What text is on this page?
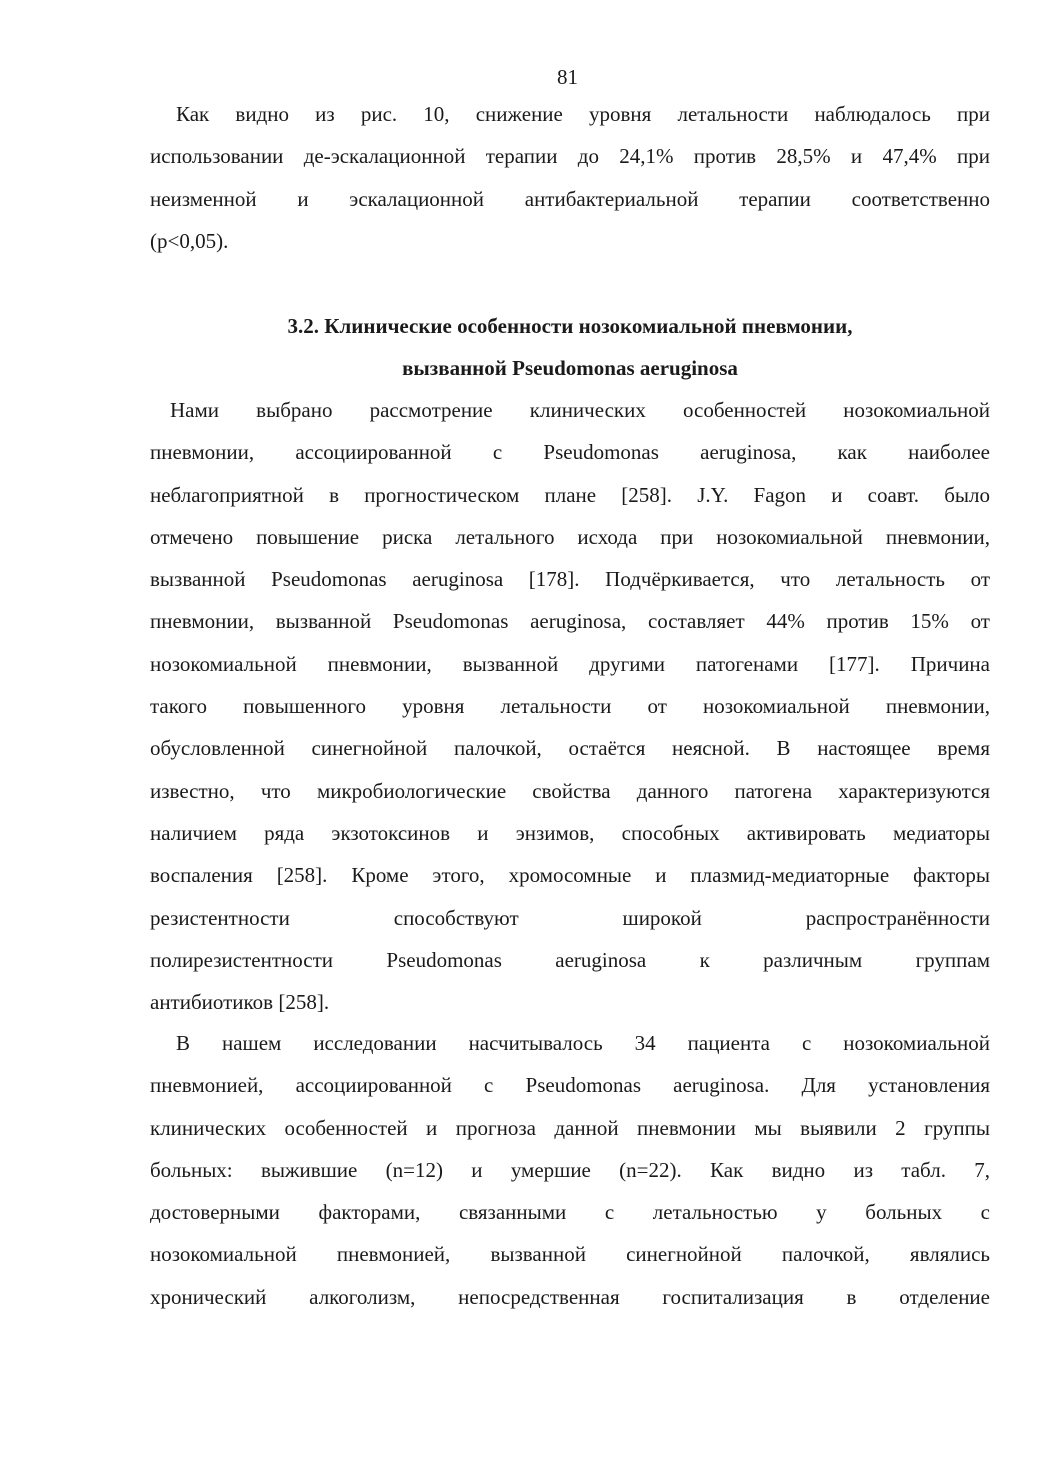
81
Как видно из рис. 10, снижение уровня летальности наблюдалось при
использовании де-эскалационной терапии до 24,1% против 28,5% и 47,4% при
неизменной и эскалационной антибактериальной терапии соответственно
(p<0,05).
3.2. Клинические особенности нозокомиальной пневмонии,
вызванной Pseudomonas aeruginosa
Нами выбрано рассмотрение клинических особенностей нозокомиальной
пневмонии, ассоциированной с Pseudomonas aeruginosa, как наиболее
неблагоприятной в прогностическом плане [258]. J.Y. Fagon и соавт. было
отмечено повышение риска летального исхода при нозокомиальной пневмонии,
вызванной Pseudomonas aeruginosa [178]. Подчёркивается, что летальность от
пневмонии, вызванной Pseudomonas aeruginosa, составляет 44% против 15% от
нозокомиальной пневмонии, вызванной другими патогенами [177]. Причина
такого повышенного уровня летальности от нозокомиальной пневмонии,
обусловленной синегнойной палочкой, остаётся неясной. В настоящее время
известно, что микробиологические свойства данного патогена характеризуются
наличием ряда экзотоксинов и энзимов, способных активировать медиаторы
воспаления [258]. Кроме этого, хромосомные и плазмид-медиаторные факторы
резистентности способствуют широкой распространённости
полирезистентности Pseudomonas aeruginosa к различным группам
антибиотиков [258].
В нашем исследовании насчитывалось 34 пациента с нозокомиальной
пневмонией, ассоциированной с Pseudomonas aeruginosa. Для установления
клинических особенностей и прогноза данной пневмонии мы выявили 2 группы
больных: выжившие (n=12) и умершие (n=22). Как видно из табл. 7,
достоверными факторами, связанными с летальностью у больных с
нозокомиальной пневмонией, вызванной синегнойной палочкой, являлись
хронический алкоголизм, непосредственная госпитализация в отделение
